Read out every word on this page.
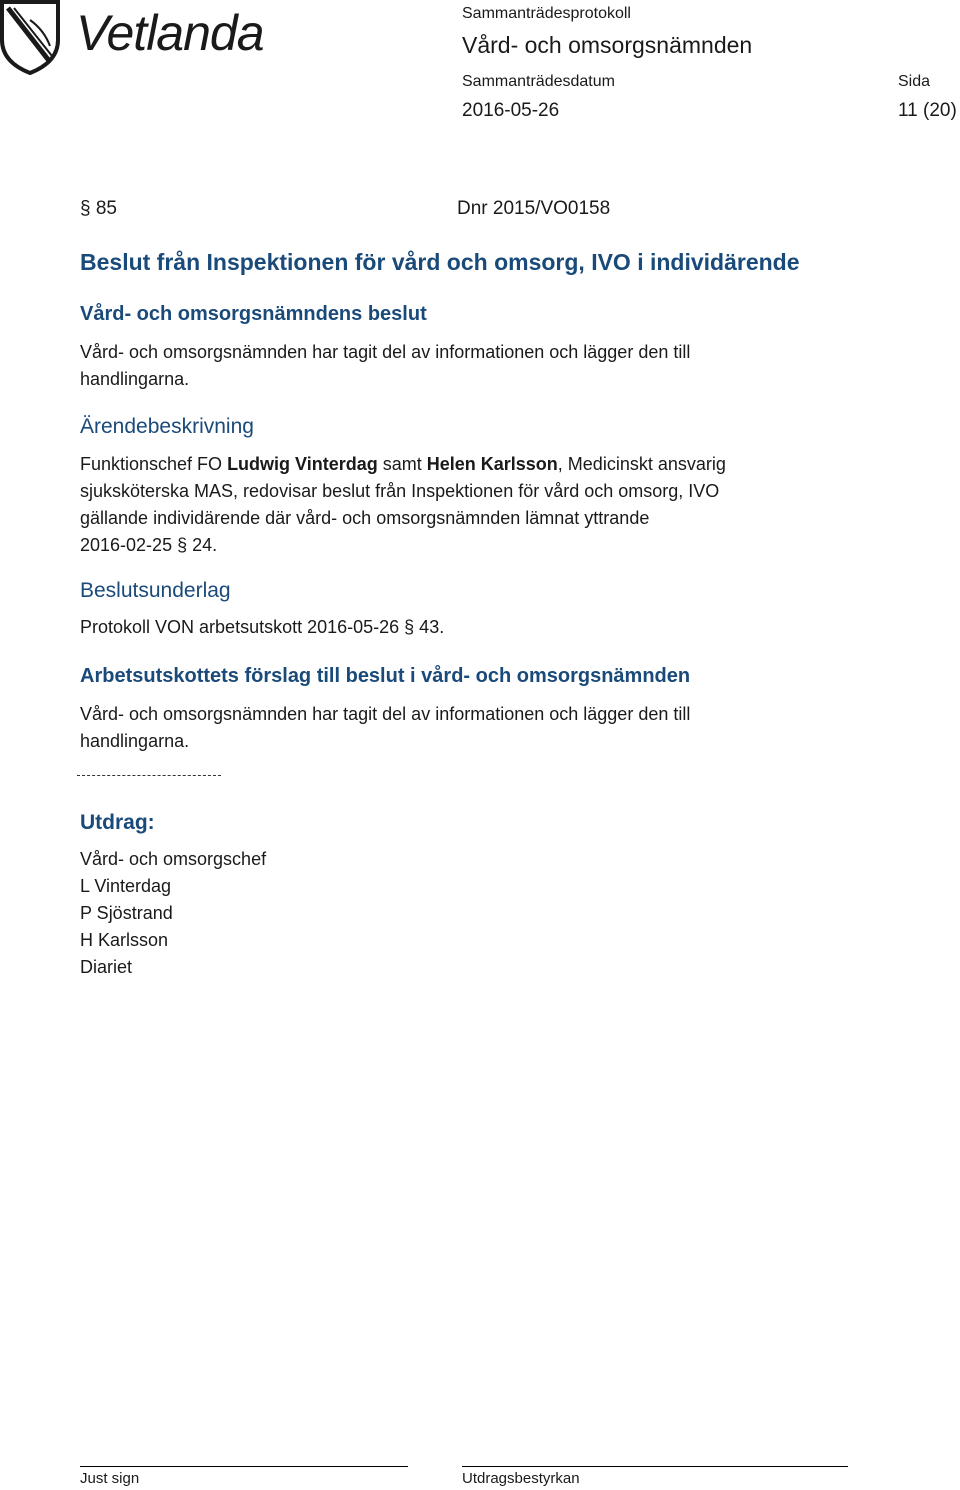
Vetlanda	Sammanträdesprotokoll
Vård- och omsorgsnämnden
Sammanträdesdatum
2016-05-26
Sida
11 (20)
§ 85	Dnr 2015/VO0158
Beslut från Inspektionen för vård och omsorg, IVO i individärende
Vård- och omsorgsnämndens beslut
Vård- och omsorgsnämnden har tagit del av informationen och lägger den till
handlingarna.
Ärendebeskrivning
Funktionschef FO Ludwig Vinterdag samt Helen Karlsson, Medicinskt ansvarig
sjuksköterska MAS, redovisar beslut från Inspektionen för vård och omsorg, IVO
gällande individärende där vård- och omsorgsnämnden lämnat yttrande
2016-02-25 § 24.
Beslutsunderlag
Protokoll VON arbetsutskott 2016-05-26 § 43.
Arbetsutskottets förslag till beslut i vård- och omsorgsnämnden
Vård- och omsorgsnämnden har tagit del av informationen och lägger den till
handlingarna.
Utdrag:
Vård- och omsorgschef
L Vinterdag
P Sjöstrand
H Karlsson
Diariet
Just sign	Utdragsbestyrkan
